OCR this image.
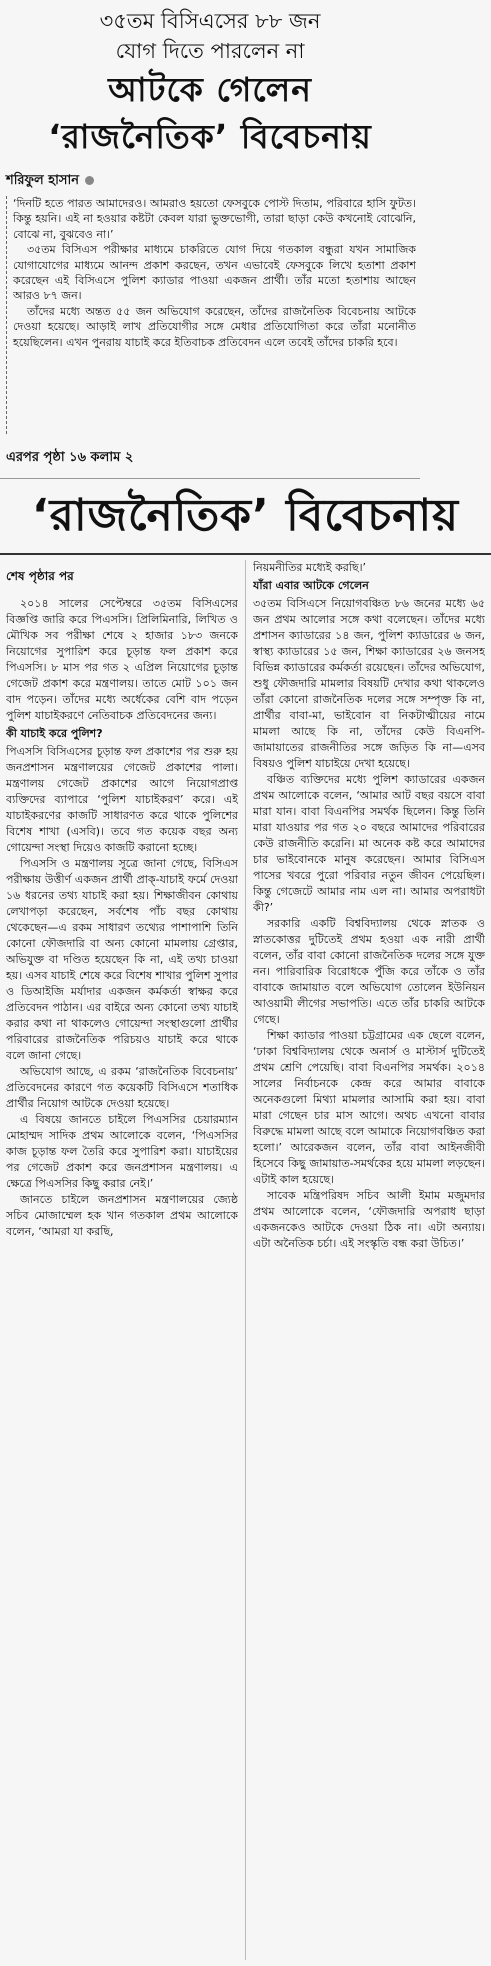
৩৫তম বিসিএসের ৮৮ জন
যোগ দিতে পারলেন না
আটকে গেলেন
‘রাজনৈতিক’ বিবেচনায়
শরিফুল হাসান

‘দিনটি হতে পারত আমাদেরও। আমরাও হয়তো ফেসবুকে পোস্ট দিতাম, পরিবারে হাসি ফুটত। কিন্তু হয়নি। এই না হওয়ার কষ্টটা কেবল যারা ভুক্তভোগী, তারা ছাড়া কেউ কখনোই বোঝেনি, বোঝে না, বুঝবেও না।’

৩৫তম বিসিএস পরীক্ষার মাধ্যমে চাকরিতে যোগ দিয়ে গতকাল বন্ধুরা যখন সামাজিক যোগাযোগের মাধ্যমে আনন্দ প্রকাশ করছেন, তখন এভাবেই ফেসবুকে লিখে হতাশা প্রকাশ করেছেন এই বিসিএসে পুলিশ ক্যাডার পাওয়া একজন প্রার্থী। তাঁর মতো হতাশায় আছেন আরও ৮৭ জন।

তাঁদের মধ্যে অন্তত ৫৫ জন অভিযোগ করেছেন, তাঁদের রাজনৈতিক বিবেচনায় আটকে দেওয়া হয়েছে। আড়াই লাখ প্রতিযোগীর সঙ্গে মেধার প্রতিযোগিতা করে তাঁরা মনোনীত হয়েছিলেন। এখন পুনরায় যাচাই করে ইতিবাচক প্রতিবেদন এলে তবেই তাঁদের চাকরি হবে।

এরপর পৃষ্ঠা ১৬ কলাম ২
‘রাজনৈতিক’ বিবেচনায়
শেষ পৃষ্ঠার পর

২০১৪ সালের সেপ্টেম্বরে ৩৫তম বিসিএসের বিজ্ঞপ্তি জারি করে পিএসসি। প্রিলিমিনারি, লিখিত ও মৌখিক সব পরীক্ষা শেষে ২ হাজার ১৮৩ জনকে নিয়োগের সুপারিশ করে চূড়ান্ত ফল প্রকাশ করে পিএসসি। ৮ মাস পর গত ২ এপ্রিল নিয়োগের চূড়ান্ত গেজেট প্রকাশ করে মন্ত্রণালয়। তাতে মোট ১০১ জন বাদ পড়েন। তাঁদের মধ্যে অর্ধেকের বেশি বাদ পড়েন পুলিশ যাচাইকরণে নেতিবাচক প্রতিবেদনের জন্য।

কী যাচাই করে পুলিশ?

পিএসসি বিসিএসের চূড়ান্ত ফল প্রকাশের পর শুরু হয় জনপ্রশাসন মন্ত্রণালয়ের গেজেট প্রকাশের পালা। মন্ত্রণালয় গেজেট প্রকাশের আগে নিয়োগপ্রাপ্ত ব্যক্তিদের ব্যাপারে ‘পুলিশ যাচাইকরণ’ করে। এই যাচাইকরণের কাজটি সাধারণত করে থাকে পুলিশের বিশেষ শাখা (এসবি)। তবে গত কয়েক বছর অন্য গোয়েন্দা সংস্থা দিয়েও কাজটি করানো হচ্ছে।

পিএসসি ও মন্ত্রণালয় সূত্রে জানা গেছে, বিসিএস পরীক্ষায় উত্তীর্ণ একজন প্রার্থী প্রাক্‌-যাচাই ফর্মে দেওয়া ১৬ ধরনের তথ্য যাচাই করা হয়। শিক্ষাজীবন কোথায় লেখাপড়া করেছেন, সর্বশেষ পাঁচ বছর কোথায় থেকেছেন—এ রকম সাধারণ তথ্যের পাশাপাশি তিনি কোনো ফৌজদারি বা অন্য কোনো মামলায় গ্রেপ্তার, অভিযুক্ত বা দণ্ডিত হয়েছেন কি না, এই তথ্য চাওয়া হয়। এসব যাচাই শেষে করে বিশেষ শাখার পুলিশ সুপার ও ডিআইজি মর্যাদার একজন কর্মকর্তা স্বাক্ষর করে প্রতিবেদন পাঠান। এর বাইরে অন্য কোনো তথ্য যাচাই করার কথা না থাকলেও গোয়েন্দা সংস্থাগুলো প্রার্থীর পরিবারের রাজনৈতিক পরিচয়ও যাচাই করে থাকে বলে জানা গেছে।

অভিযোগ আছে, এ রকম ‘রাজনৈতিক বিবেচনায়’ প্রতিবেদনের কারণে গত কয়েকটি বিসিএসে শতাধিক প্রার্থীর নিয়োগ আটকে দেওয়া হয়েছে।

এ বিষয়ে জানতে চাইলে পিএসসির চেয়ারম্যান মোহাম্মদ সাদিক প্রথম আলোকে বলেন, ‘পিএসসির কাজ চূড়ান্ত ফল তৈরি করে সুপারিশ করা। যাচাইয়ের পর গেজেট প্রকাশ করে জনপ্রশাসন মন্ত্রণালয়। এ ক্ষেত্রে পিএসসির কিছু করার নেই।’

জানতে চাইলে জনপ্রশাসন মন্ত্রণালয়ের জ্যেষ্ঠ সচিব মোজাম্মেল হক খান গতকাল প্রথম আলোকে বলেন, ‘আমরা যা করছি,

নিয়মনীতির মধ্যেই করছি।’

যাঁরা এবার আটকে গেলেন

৩৫তম বিসিএসে নিয়োগবঞ্চিত ৮৬ জনের মধ্যে ৬৫ জন প্রথম আলোর সঙ্গে কথা বলেছেন। তাঁদের মধ্যে প্রশাসন ক্যাডারের ১৪ জন, পুলিশ ক্যাডারের ৬ জন, স্বাস্থ্য ক্যাডারের ১৫ জন, শিক্ষা ক্যাডারের ২৬ জনসহ বিভিন্ন ক্যাডারের কর্মকর্তা রয়েছেন। তাঁদের অভিযোগ, শুধু ফৌজদারি মামলার বিষয়টি দেখার কথা থাকলেও তাঁরা কোনো রাজনৈতিক দলের সঙ্গে সম্পৃক্ত কি না, প্রার্থীর বাবা-মা, ভাইবোন বা নিকটাত্মীয়ের নামে মামলা আছে কি না, তাঁদের কেউ বিএনপি-জামায়াতের রাজনীতির সঙ্গে জড়িত কি না—এসব বিষয়ও পুলিশ যাচাইয়ে দেখা হয়েছে।

বঞ্চিত ব্যক্তিদের মধ্যে পুলিশ ক্যাডারের একজন প্রথম আলোকে বলেন, ‘আমার আট বছর বয়সে বাবা মারা যান। বাবা বিএনপির সমর্থক ছিলেন। কিন্তু তিনি মারা যাওয়ার পর গত ২০ বছরে আমাদের পরিবারের কেউ রাজনীতি করেনি। মা অনেক কষ্ট করে আমাদের চার ভাইবোনকে মানুষ করেছেন। আমার বিসিএস পাসের খবরে পুরো পরিবার নতুন জীবন পেয়েছিল। কিন্তু গেজেটে আমার নাম এল না। আমার অপরাধটা কী?’

সরকারি একটি বিশ্ববিদ্যালয় থেকে স্নাতক ও স্নাতকোত্তর দুটিতেই প্রথম হওয়া এক নারী প্রার্থী বলেন, তাঁর বাবা কোনো রাজনৈতিক দলের সঙ্গে যুক্ত নন। পারিবারিক বিরোধকে পুঁজি করে তাঁকে ও তাঁর বাবাকে জামায়াত বলে অভিযোগ তোলেন ইউনিয়ন আওয়ামী লীগের সভাপতি। এতে তাঁর চাকরি আটকে গেছে।

শিক্ষা ক্যাডার পাওয়া চট্টগ্রামের এক ছেলে বলেন, ‘ঢাকা বিশ্ববিদ্যালয় থেকে অনার্স ও মাস্টার্স দুটিতেই প্রথম শ্রেণি পেয়েছি। বাবা বিএনপির সমর্থক। ২০১৪ সালের নির্বাচনকে কেন্দ্র করে আমার বাবাকে অনেকগুলো মিথ্যা মামলার আসামি করা হয়। বাবা মারা গেছেন চার মাস আগে। অথচ এখনো বাবার বিরুদ্ধে মামলা আছে বলে আমাকে নিয়োগবঞ্চিত করা হলো।’ আরেকজন বলেন, তাঁর বাবা আইনজীবী হিসেবে কিছু জামায়াত-সমর্থকের হয়ে মামলা লড়ছেন। এটাই কাল হয়েছে।

সাবেক মন্ত্রিপরিষদ সচিব আলী ইমাম মজুমদার প্রথম আলোকে বলেন, ‘ফৌজদারি অপরাধ ছাড়া একজনকেও আটকে দেওয়া ঠিক না। এটা অন্যায়। এটা অনৈতিক চর্চা। এই সংস্কৃতি বন্ধ করা উচিত।’
